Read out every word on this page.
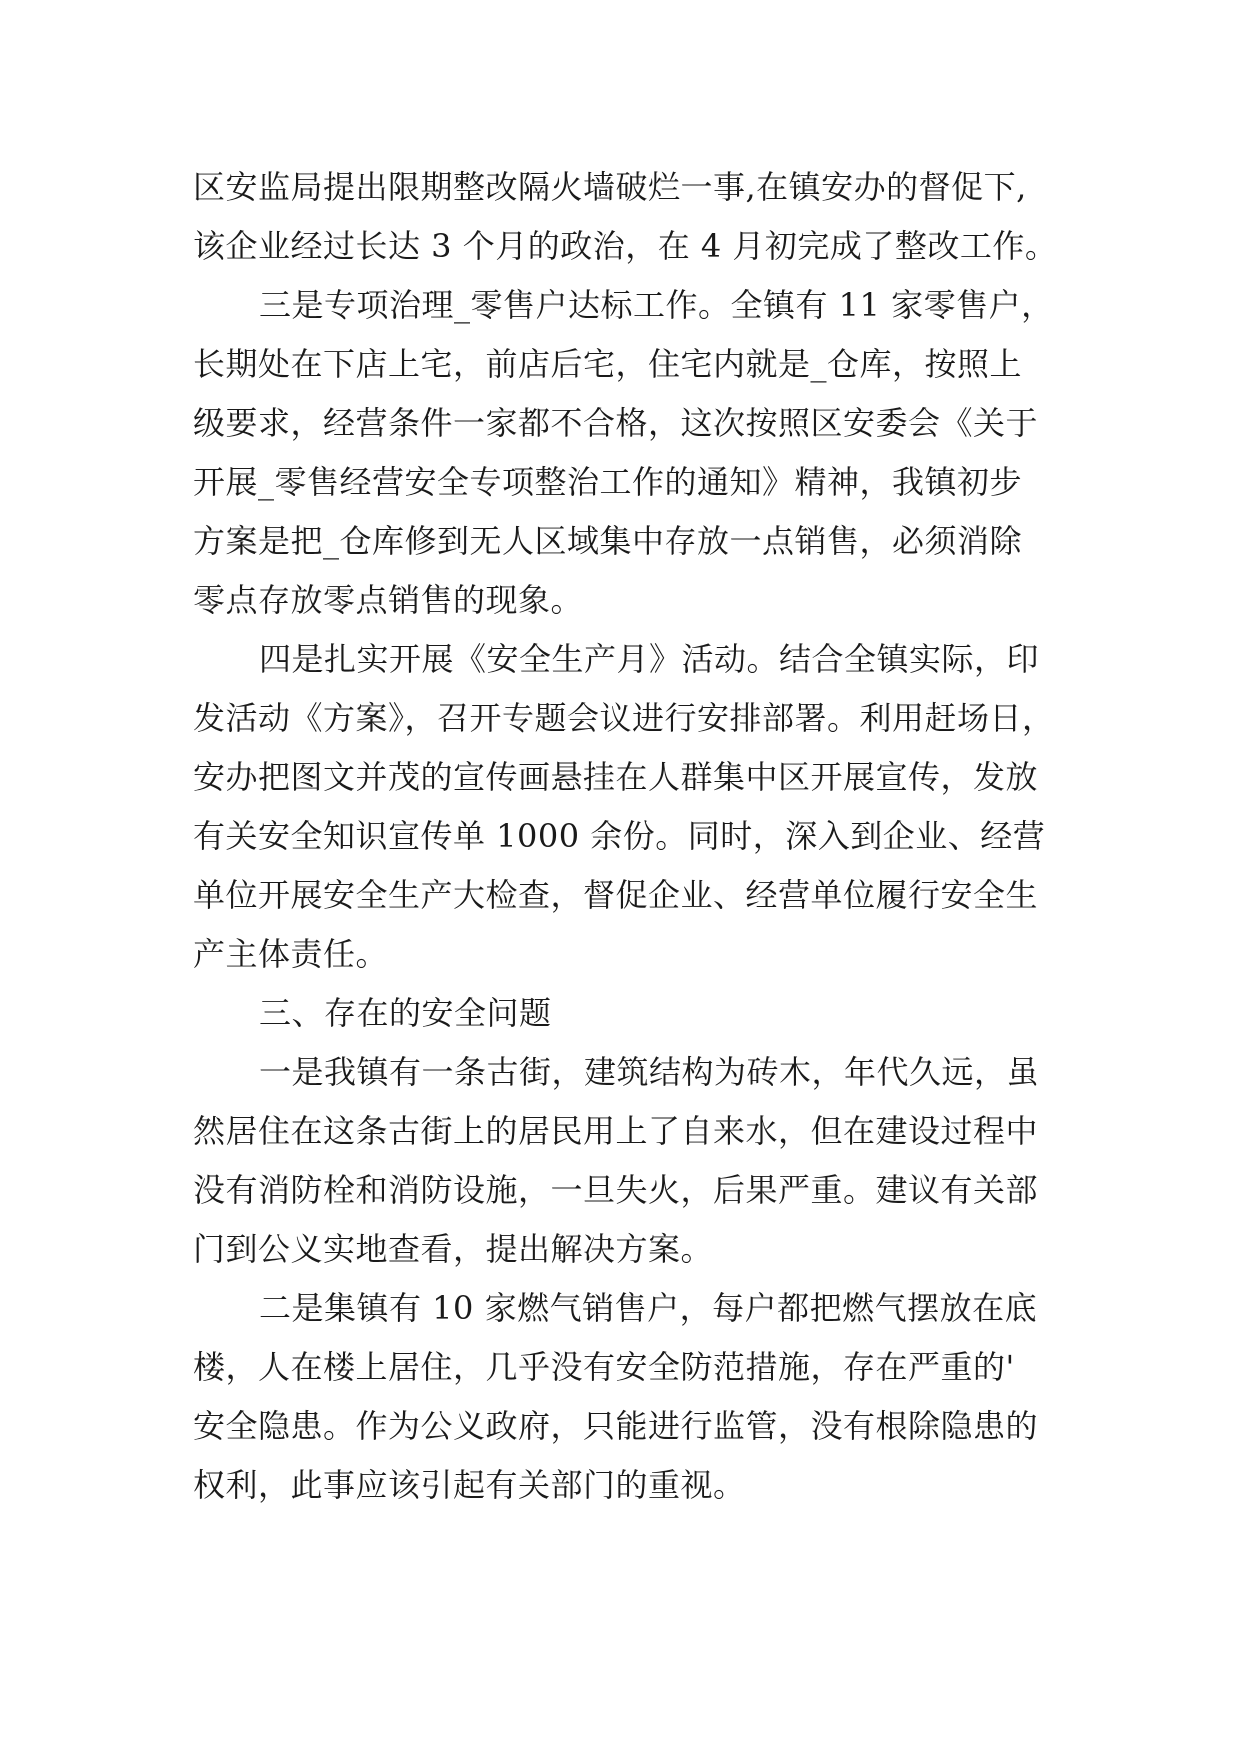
区安监局提出限期整改隔火墙破烂一事,在镇安办的督促下,
该企业经过长达 3 个月的政治，在 4 月初完成了整改工作。
三是专项治理_零售户达标工作。全镇有 11 家零售户，
长期处在下店上宅，前店后宅，住宅内就是_仓库，按照上
级要求，经营条件一家都不合格，这次按照区安委会《关于
开展_零售经营安全专项整治工作的通知》精神，我镇初步
方案是把_仓库修到无人区域集中存放一点销售，必须消除
零点存放零点销售的现象。
四是扎实开展《安全生产月》活动。结合全镇实际，印
发活动《方案》，召开专题会议进行安排部署。利用赶场日，
安办把图文并茂的宣传画悬挂在人群集中区开展宣传，发放
有关安全知识宣传单 1000 余份。同时，深入到企业、经营
单位开展安全生产大检查，督促企业、经营单位履行安全生
产主体责任。
三、存在的安全问题
一是我镇有一条古街，建筑结构为砖木，年代久远，虽
然居住在这条古街上的居民用上了自来水，但在建设过程中
没有消防栓和消防设施，一旦失火，后果严重。建议有关部
门到公义实地查看，提出解决方案。
二是集镇有 10 家燃气销售户，每户都把燃气摆放在底
楼，人在楼上居住，几乎没有安全防范措施，存在严重的'
安全隐患。作为公义政府，只能进行监管，没有根除隐患的
权利，此事应该引起有关部门的重视。
